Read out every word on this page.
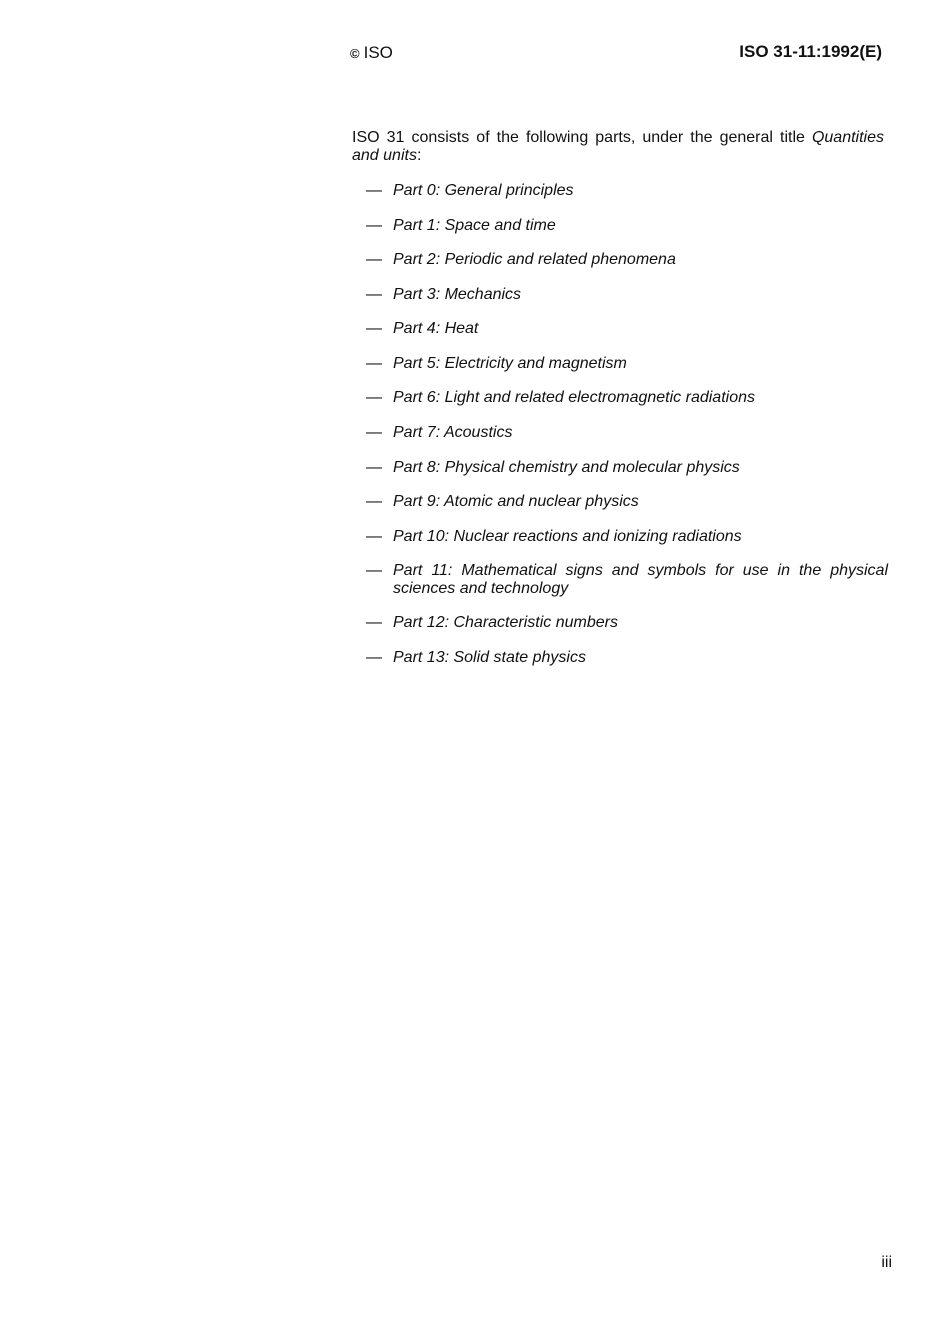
© ISO	ISO 31-11:1992(E)

ISO 31 consists of the following parts, under the general title Quantities and units:

— Part 0: General principles
— Part 1: Space and time
— Part 2: Periodic and related phenomena
— Part 3: Mechanics
— Part 4: Heat
— Part 5: Electricity and magnetism
— Part 6: Light and related electromagnetic radiations
— Part 7: Acoustics
— Part 8: Physical chemistry and molecular physics
— Part 9: Atomic and nuclear physics
— Part 10: Nuclear reactions and ionizing radiations
— Part 11: Mathematical signs and symbols for use in the physical sciences and technology
— Part 12: Characteristic numbers
— Part 13: Solid state physics
iii
